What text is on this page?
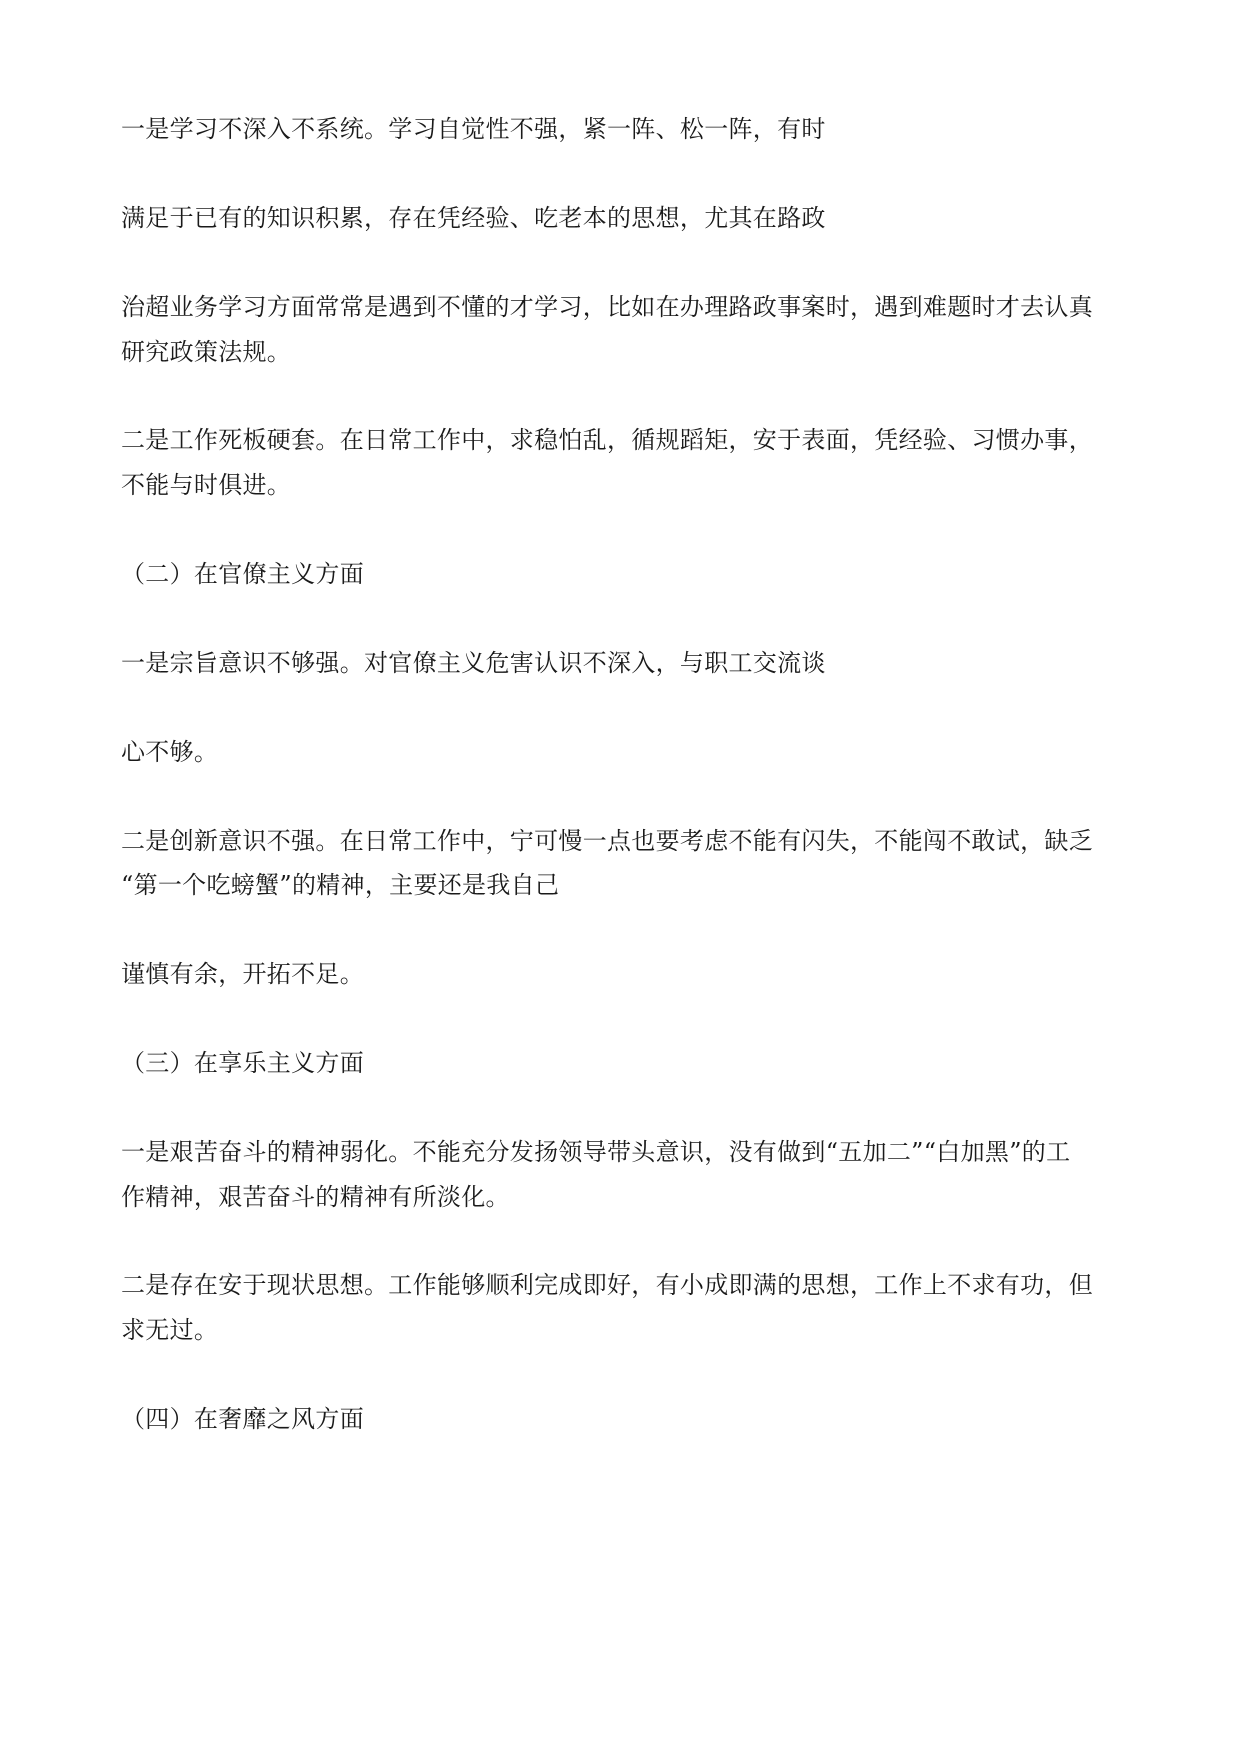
一是学习不深入不系统。学习自觉性不强，紧一阵、松一阵，有时
满足于已有的知识积累，存在凭经验、吃老本的思想，尤其在路政
治超业务学习方面常常是遇到不懂的才学习，比如在办理路政事案时，遇到难题时才去认真
研究政策法规。
二是工作死板硬套。在日常工作中，求稳怕乱，循规蹈矩，安于表面，凭经验、习惯办事，
不能与时俱进。
（二）在官僚主义方面
一是宗旨意识不够强。对官僚主义危害认识不深入，与职工交流谈
心不够。
二是创新意识不强。在日常工作中，宁可慢一点也要考虑不能有闪失，不能闯不敢试，缺乏
“第一个吃螃蟹”的精神，主要还是我自己
谨慎有余，开拓不足。
（三）在享乐主义方面
一是艰苦奋斗的精神弱化。不能充分发扬领导带头意识，没有做到“五加二”“白加黑”的工
作精神，艰苦奋斗的精神有所淡化。
二是存在安于现状思想。工作能够顺利完成即好，有小成即满的思想，工作上不求有功，但
求无过。
（四）在奢靡之风方面
